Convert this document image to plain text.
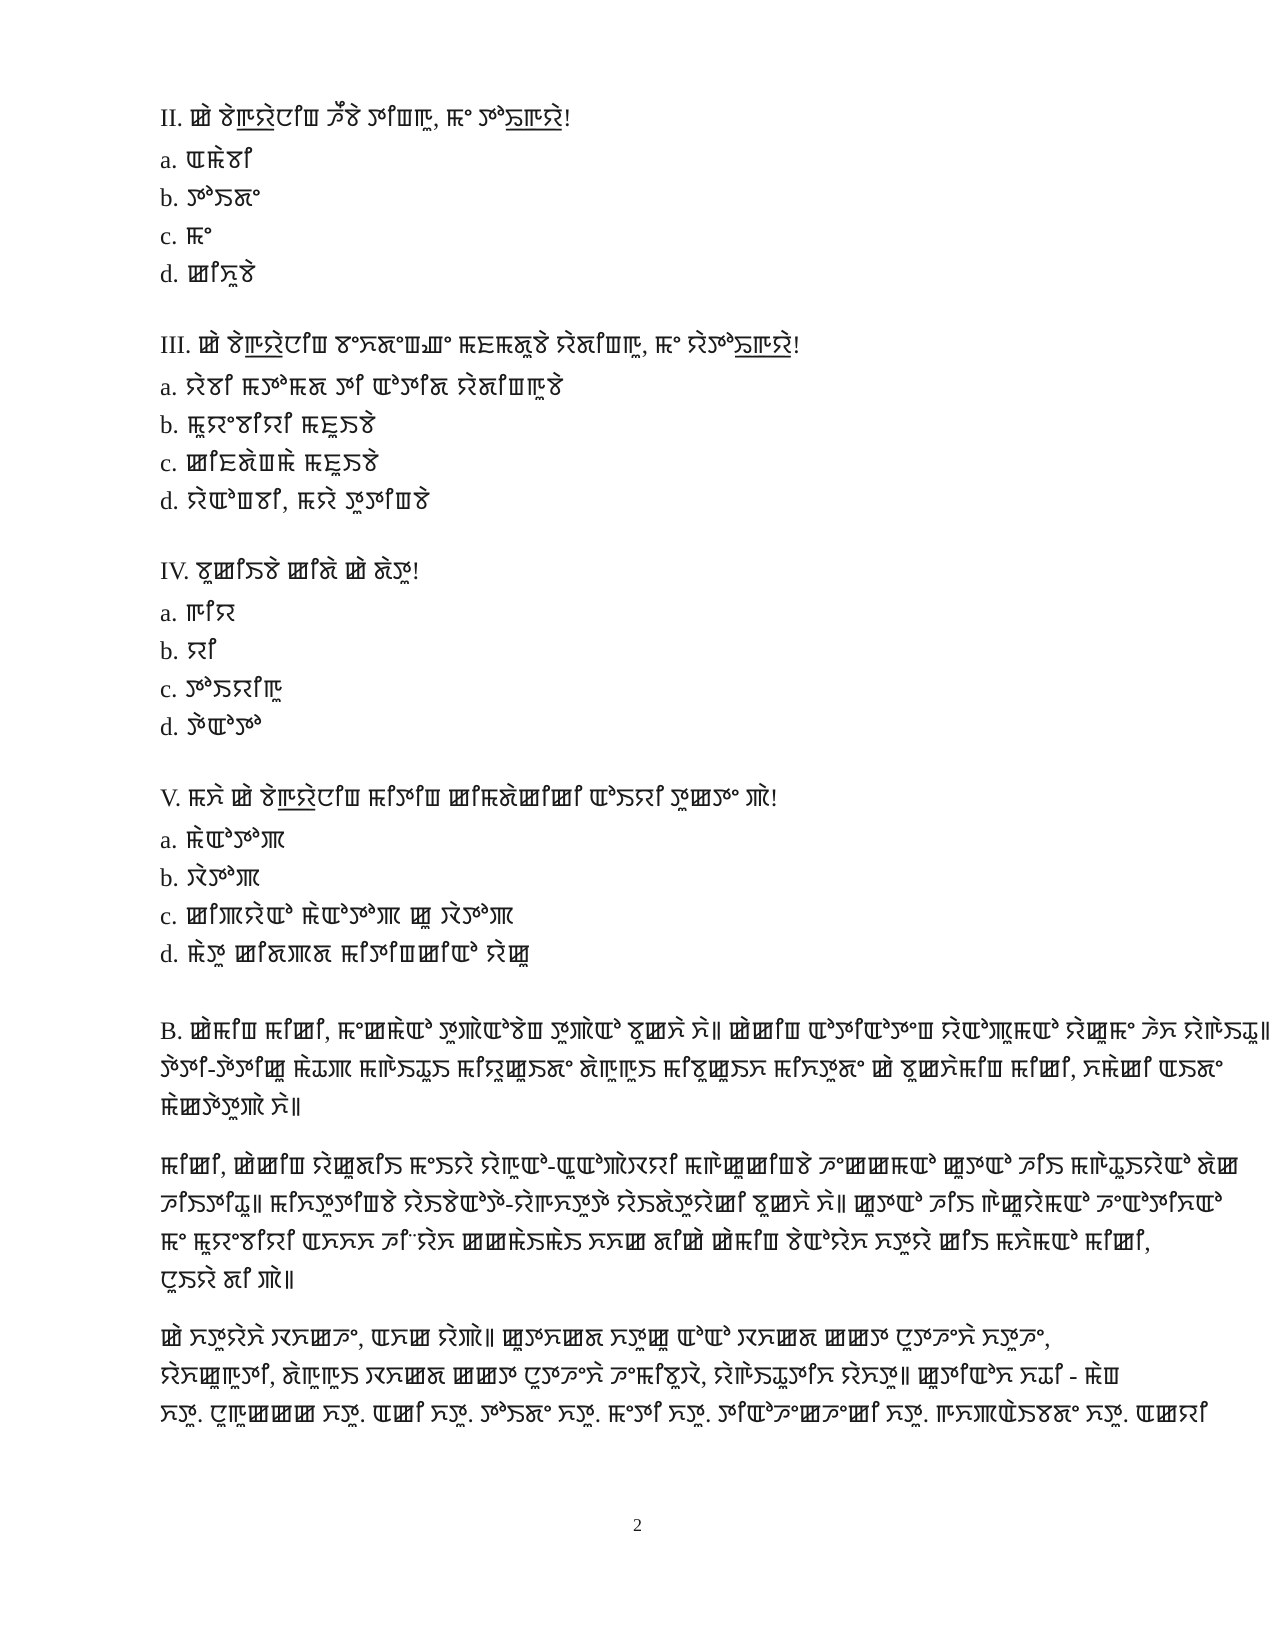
II. ꯀꯥ ꯕꯥꯒ꯭ꯌꯥꯅꯤꯡ ꯍꯩꯕꯥ ꯇꯤꯡꯒꯨ, ꯃꯦ ꯇꯣꯢ꯭ꯒ꯭ꯌꯥ!
a. ꯑꯃꯥꯕꯤ
b. ꯇꯣꯏꯗꯦ
c. ꯃꯦ
d. ꯀꯤꯈꯨꯕꯥ
III. ꯀꯥ ꯕꯥꯒ꯭ꯌꯥꯅꯤꯡ ꯕꯦꯈꯗꯦꯡꯉꯦ ꯃꯐꯃꯗꯨꯕꯥ ꯌꯥꯗꯤꯡꯒꯨ, ꯃꯦ ꯌꯥꯇꯣꯢ꯭ꯒ꯭ꯌꯥ!
a. ꯌꯥꯕꯤ ꯃꯇꯣꯃꯗ ꯇꯤ ꯑꯣꯇꯤꯗ ꯌꯥꯗꯤꯡꯒꯨꯕꯥ
b. ꯃꯨꯌꯦꯕꯤꯌꯤ ꯃꯐꯨꯏꯕꯥ
c. ꯀꯤꯐꯗꯥꯡꯃꯥ ꯃꯐꯨꯏꯕꯥ
d. ꯌꯥꯑꯣꯡꯕꯤ, ꯃꯌꯥ ꯇꯨꯇꯤꯡꯕꯥ
IV. ꯕꯨꯀꯤꯏꯕꯥ ꯀꯤꯗꯥ ꯀꯥ ꯗꯥꯇꯨ!
a. ꯒꯤꯌ
b. ꯌꯤ
c. ꯇꯣꯏꯌꯤꯒꯨ
d. ꯇꯥꯑꯣꯇꯣ
V. ꯃꯈꯥ ꯀꯥ ꯕꯥꯒ꯭ꯌꯥꯅꯤꯡ ꯃꯤꯇꯤꯡ ꯀꯤꯃꯗꯥꯀꯤꯀꯤ ꯑꯣꯏꯌꯤ ꯇꯨꯀꯇꯦ ꯄꯥ!
a. ꯃꯥꯑꯣꯇꯣꯄ
b. ꯋꯥꯇꯣꯄ
c. ꯀꯤꯄꯌꯥꯑꯣ ꯃꯥꯑꯣꯇꯣꯄ ꯀꯨ ꯋꯥꯇꯣꯄ
d. ꯃꯥꯇꯨ ꯀꯤꯗꯄꯗ ꯃꯤꯇꯤꯡꯀꯤꯑꯣ ꯌꯥꯀꯨ
B. ꯀꯥꯃꯤꯡ ꯃꯤꯀꯤ, ꯃꯦꯀꯃꯥꯑꯣ ꯇꯨꯄꯥꯑꯣꯕꯥꯡ ꯇꯨꯄꯥꯑꯣ ꯕꯨꯀꯈꯥ ꯈꯥ꯫ ꯀꯥꯀꯤꯡ ꯑꯣꯇꯤꯑꯣꯇꯦꯡ ꯌꯥꯑꯣꯄꯨꯃꯑꯣ ꯌꯥꯀꯨꯃꯦ ꯍꯥꯈ ꯌꯥꯒꯥꯏꯊꯨ꯫
ꯇꯥꯇꯤ-ꯇꯥꯇꯤꯀꯨ ꯃꯥꯊꯄ ꯃꯒꯥꯏꯊꯨꯏ ꯃꯤꯌꯨꯀꯨꯏꯗꯦ ꯗꯥꯒꯨꯒꯨꯏ ꯃꯤꯕꯨꯀꯨꯏꯈ ꯃꯤꯈꯇꯨꯗꯦ ꯀꯥ ꯕꯨꯀꯈꯥꯃꯤꯡ ꯃꯤꯀꯤ, ꯈꯃꯥꯀꯤ ꯑꯏꯗꯦ
ꯃꯥꯀꯇꯥꯇꯨꯄꯥ ꯈꯥ꯫
ꯃꯤꯀꯤ, ꯀꯥꯀꯤꯡ ꯌꯥꯀꯨꯗꯤꯏ ꯃꯦꯏꯌꯥ ꯌꯥꯒꯨꯑꯣ-ꯑꯨꯑꯣꯄꯥꯋꯌꯤ ꯃꯒꯥꯀꯨꯀꯤꯡꯕꯥ ꯍꯦꯀꯀꯃꯑꯣ ꯀꯨꯇꯑꯣ ꯍꯤꯏ ꯃꯒꯥꯊꯨꯏꯌꯥꯑꯣ ꯗꯥꯀ
ꯍꯤꯏꯇꯤꯊꯨ꯫ ꯃꯤꯈꯇꯨꯇꯤꯡꯕꯥ ꯌꯥꯏꯕꯥꯑꯣꯇꯥ-ꯌꯥꯒꯈꯇꯨꯇꯥ ꯌꯥꯏꯗꯥꯇꯨꯌꯥꯀꯤ ꯕꯨꯀꯈꯥ ꯈꯥ꯫ ꯀꯨꯇꯑꯣ ꯍꯤꯏ ꯒꯥꯀꯨꯌꯥꯃꯑꯣ ꯍꯦꯑꯣꯇꯤꯈꯑꯣ
ꯃꯦ ꯃꯨꯌꯦꯕꯤꯌꯤ ꯑꯈꯈꯈ ꯍꯤ¨ꯌꯥꯈ ꯀꯀꯃꯥꯏꯃꯥꯏ ꯈꯈꯀ ꯗꯤꯀꯥ ꯀꯥꯃꯤꯡ ꯕꯥꯑꯣꯌꯥꯈ ꯈꯇꯨꯌꯥ ꯀꯤꯏ ꯃꯈꯥꯃꯑꯣ ꯃꯤꯀꯤ,
ꯅꯨꯏꯌꯥ ꯗꯤ ꯄꯥ꯫
ꯀꯥ ꯈꯇꯨꯌꯥꯈꯥ ꯋꯈꯀꯍꯦ, ꯑꯈꯀ ꯌꯥꯄꯥ꯫ ꯀꯨꯇꯈꯀꯗ ꯈꯇꯨꯀꯨ ꯑꯣꯑꯣ ꯋꯈꯀꯗ ꯀꯀꯇ ꯅꯨꯇꯍꯦꯈꯥ ꯈꯇꯨꯍꯦ,
ꯌꯥꯈꯀꯨꯒꯨꯇꯤ, ꯗꯥꯒꯨꯒꯨꯏ ꯋꯈꯀꯗ ꯀꯀꯇ ꯅꯨꯇꯍꯦꯈꯥ ꯍꯦꯃꯤꯕꯨꯋꯥ, ꯌꯥꯒꯥꯏꯊꯨꯇꯤꯈ ꯌꯥꯈꯇꯨ꯫ ꯀꯨꯇꯤꯑꯣꯈ ꯈꯊꯤ - ꯃꯥꯡ
ꯈꯇꯨ. ꯅꯨꯒꯨꯀꯀꯀ ꯈꯇꯨ. ꯑꯀꯤ ꯈꯇꯨ. ꯇꯣꯏꯗꯦ ꯈꯇꯨ. ꯃꯦꯇꯤ ꯈꯇꯨ. ꯇꯤꯑꯣꯍꯦꯀꯍꯦꯀꯤ ꯈꯇꯨ. ꯒꯈꯄꯑꯥꯏꯕꯗꯦ ꯈꯇꯨ. ꯑꯀꯌꯤ
2
